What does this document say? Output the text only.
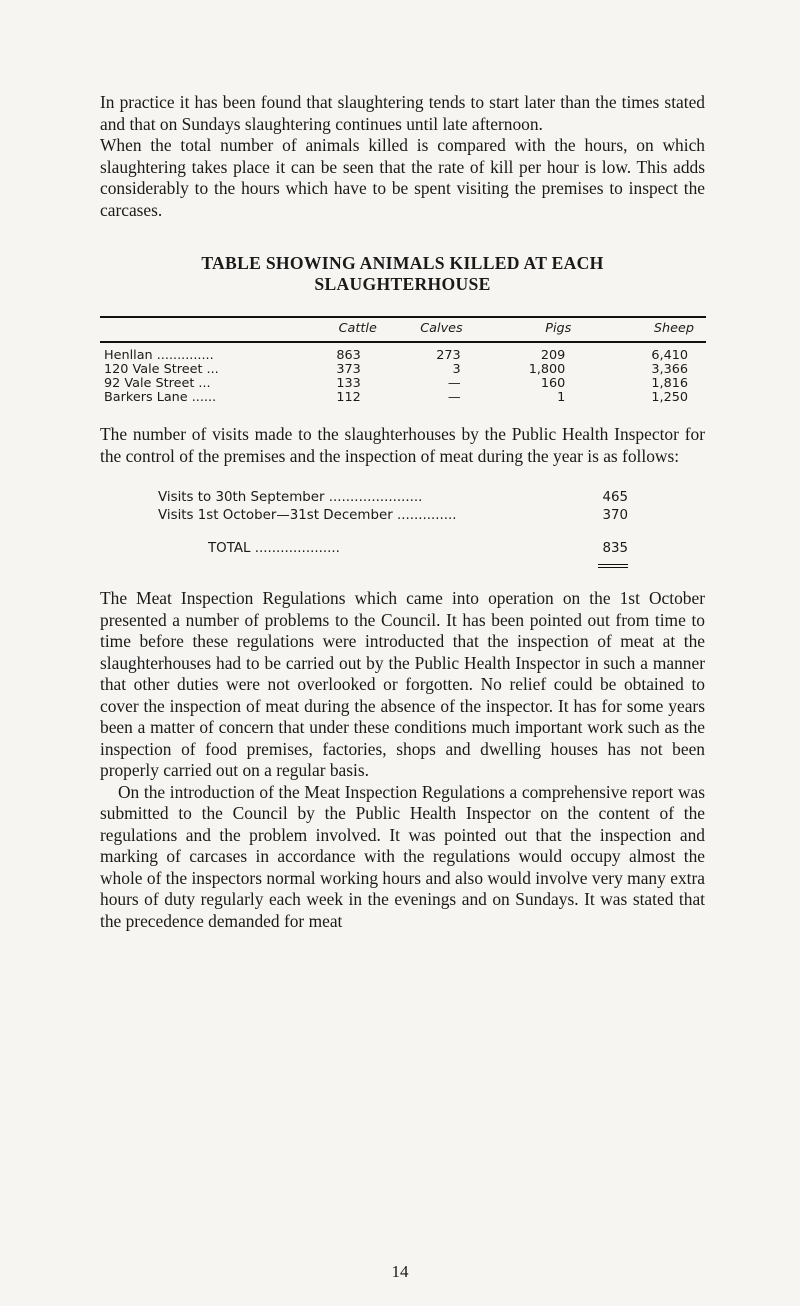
In practice it has been found that slaughtering tends to start later than the times stated and that on Sundays slaughtering continues until late afternoon.

When the total number of animals killed is compared with the hours, on which slaughtering takes place it can be seen that the rate of kill per hour is low. This adds considerably to the hours which have to be spent visiting the premises to inspect the carcases.

TABLE SHOWING ANIMALS KILLED AT EACH SLAUGHTERHOUSE
	Cattle	Calves	Pigs	Sheep

Henllan ..............	863	273	209	6,410
120 Vale Street ...	373	3	1,800	3,366
92 Vale Street ...	133	—	160	1,816
Barkers Lane ......	112	—	1	1,250

The number of visits made to the slaughterhouses by the Public Health Inspector for the control of the premises and the inspection of meat during the year is as follows:

Visits to 30th September ......................	465
Visits 1st October—31st December ..............	370
TOTAL ....................	835

The Meat Inspection Regulations which came into operation on the 1st October presented a number of problems to the Council. It has been pointed out from time to time before these regulations were introducted that the inspection of meat at the slaughterhouses had to be carried out by the Public Health Inspector in such a manner that other duties were not overlooked or forgotten. No relief could be obtained to cover the inspection of meat during the absence of the inspector. It has for some years been a matter of concern that under these conditions much important work such as the inspection of food premises, factories, shops and dwelling houses has not been properly carried out on a regular basis.

On the introduction of the Meat Inspection Regulations a comprehensive report was submitted to the Council by the Public Health Inspector on the content of the regulations and the problem involved. It was pointed out that the inspection and marking of carcases in accordance with the regulations would occupy almost the whole of the inspectors normal working hours and also would involve very many extra hours of duty regularly each week in the evenings and on Sundays. It was stated that the precedence demanded for meat

14
